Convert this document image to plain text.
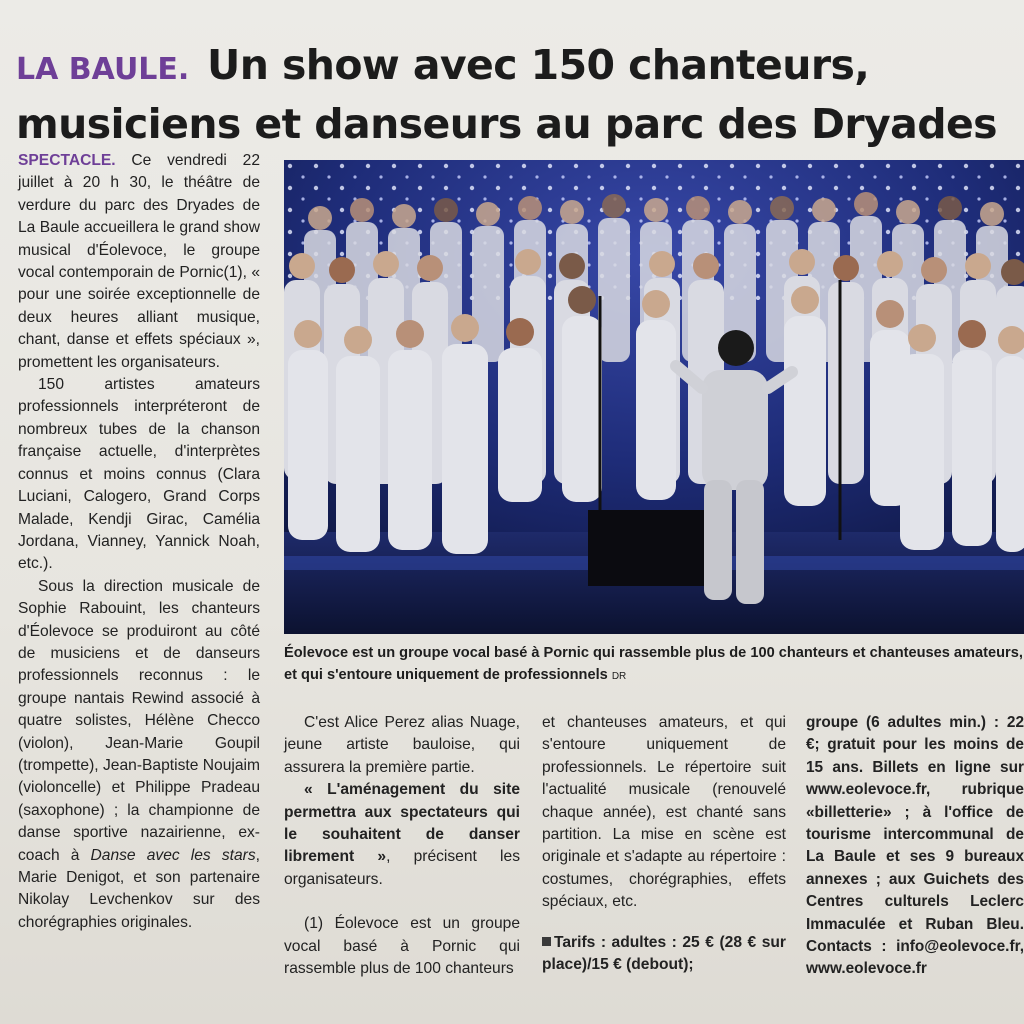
LA BAULE. Un show avec 150 chanteurs,
musiciens et danseurs au parc des Dryades

SPECTACLE. Ce vendredi 22 juillet à 20 h 30, le théâtre de verdure du parc des Dryades de La Baule accueillera le grand show musical d'Éolevoce, le groupe vocal contemporain de Pornic(1), « pour une soirée exceptionnelle de deux heures alliant musique, chant, danse et effets spéciaux », promettent les organisateurs.

150 artistes amateurs professionnels interpréteront de nombreux tubes de la chanson française actuelle, d'interprètes connus et moins connus (Clara Luciani, Calogero, Grand Corps Malade, Kendji Girac, Camélia Jordana, Vianney, Yannick Noah, etc.).

Sous la direction musicale de Sophie Rabouint, les chanteurs d'Éolevoce se produiront au côté de musiciens et de danseurs professionnels reconnus : le groupe nantais Rewind associé à quatre solistes, Hélène Checco (violon), Jean-Marie Goupil (trompette), Jean-Baptiste Noujaim (violoncelle) et Philippe Pradeau (saxophone) ; la championne de danse sportive nazairienne, ex-coach à Danse avec les stars, Marie Denigot, et son partenaire Nikolay Levchenkov sur des chorégraphies originales.

Éolevoce est un groupe vocal basé à Pornic qui rassemble plus de 100 chanteurs et chanteuses amateurs, et qui s'entoure uniquement de professionnels DR

C'est Alice Perez alias Nuage, jeune artiste bauloise, qui assurera la première partie.

« L'aménagement du site permettra aux spectateurs qui le souhaitent de danser librement », précisent les organisateurs.

(1) Éolevoce est un groupe vocal basé à Pornic qui rassemble plus de 100 chanteurs

et chanteuses amateurs, et qui s'entoure uniquement de professionnels. Le répertoire suit l'actualité musicale (renouvelé chaque année), est chanté sans partition. La mise en scène est originale et s'adapte au répertoire : costumes, chorégraphies, effets spéciaux, etc.

Tarifs : adultes : 25 € (28 € sur place)/15 € (debout);

groupe (6 adultes min.) : 22 €; gratuit pour les moins de 15 ans. Billets en ligne sur www.eolevoce.fr, rubrique «billetterie» ; à l'office de tourisme intercommunal de La Baule et ses 9 bureaux annexes ; aux Guichets des Centres culturels Leclerc Immaculée et Ruban Bleu. Contacts : info@eolevoce.fr, www.eolevoce.fr
